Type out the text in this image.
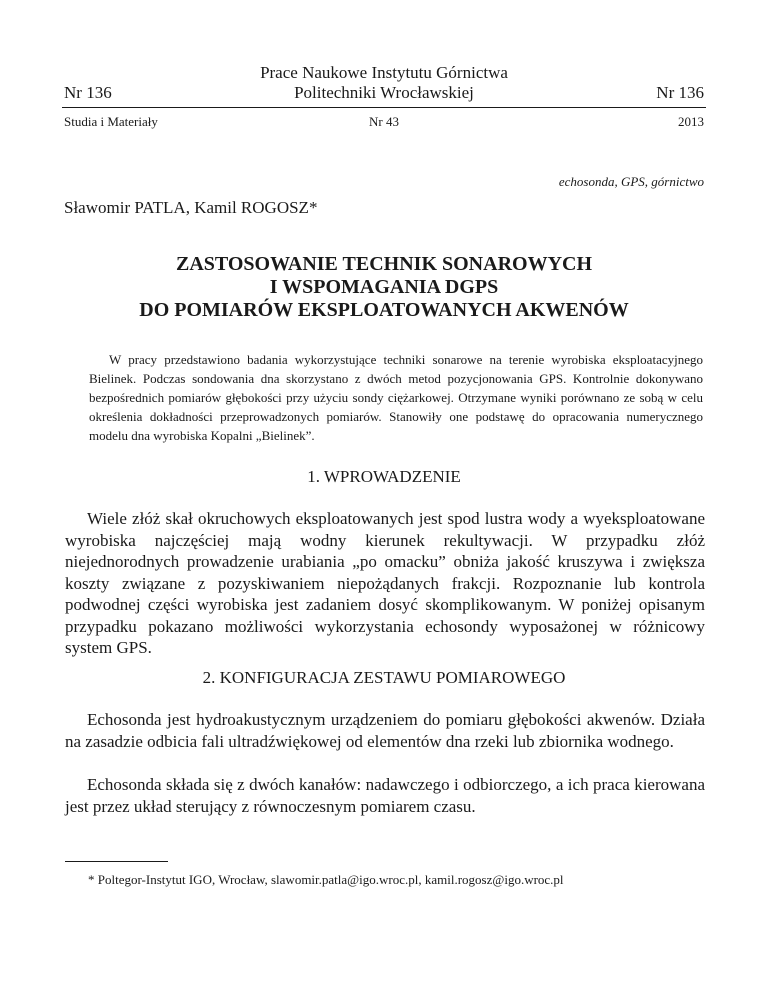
Prace Naukowe Instytutu Górnictwa
Politechniki Wrocławskiej
Nr 136	Nr 136
Studia i Materiały	Nr 43	2013
echosonda, GPS, górnictwo
Sławomir PATLA, Kamil ROGOSZ*
ZASTOSOWANIE TECHNIK SONAROWYCH
I WSPOMAGANIA DGPS
DO POMIARÓW EKSPLOATOWANYCH AKWENÓW
W pracy przedstawiono badania wykorzystujące techniki sonarowe na terenie wyrobiska eksploatacyjnego Bielinek. Podczas sondowania dna skorzystano z dwóch metod pozycjonowania GPS. Kontrolnie dokonywano bezpośrednich pomiarów głębokości przy użyciu sondy ciężarkowej. Otrzymane wyniki porównano ze sobą w celu określenia dokładności przeprowadzonych pomiarów. Stanowiły one podstawę do opracowania numerycznego modelu dna wyrobiska Kopalni „Bielinek”.
1. WPROWADZENIE
Wiele złóż skał okruchowych eksploatowanych jest spod lustra wody a wyeksploatowane wyrobiska najczęściej mają wodny kierunek rekultywacji. W przypadku złóż niejednorodnych prowadzenie urabiania „po omacku” obniża jakość kruszywa i zwiększa koszty związane z pozyskiwaniem niepożądanych frakcji. Rozpoznanie lub kontrola podwodnej części wyrobiska jest zadaniem dosyć skomplikowanym. W poniżej opisanym przypadku pokazano możliwości wykorzystania echosondy wyposażonej w różnicowy system GPS.
2. KONFIGURACJA ZESTAWU POMIAROWEGO
Echosonda jest hydroakustycznym urządzeniem do pomiaru głębokości akwenów. Działa na zasadzie odbicia fali ultradźwiękowej od elementów dna rzeki lub zbiornika wodnego.
Echosonda składa się z dwóch kanałów: nadawczego i odbiorczego, a ich praca kierowana jest przez układ sterujący z równoczesnym pomiarem czasu.
* Poltegor-Instytut IGO, Wrocław, slawomir.patla@igo.wroc.pl, kamil.rogosz@igo.wroc.pl
